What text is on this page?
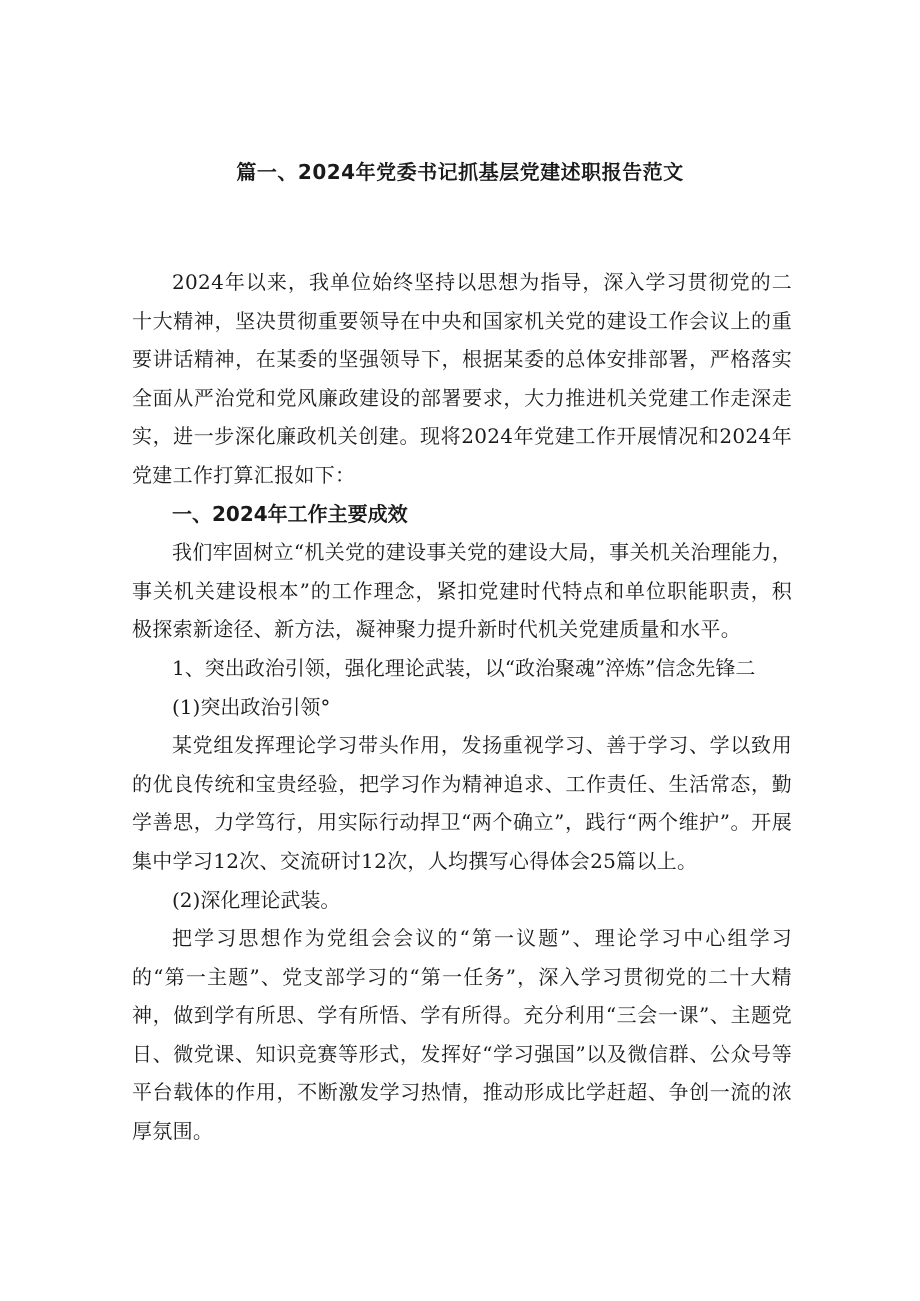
篇一、2024年党委书记抓基层党建述职报告范文

2024年以来，我单位始终坚持以思想为指导，深入学习贯彻党的二十大精神，坚决贯彻重要领导在中央和国家机关党的建设工作会议上的重要讲话精神，在某委的坚强领导下，根据某委的总体安排部署，严格落实全面从严治党和党风廉政建设的部署要求，大力推进机关党建工作走深走实，进一步深化廉政机关创建。现将2024年党建工作开展情况和2024年党建工作打算汇报如下：

一、2024年工作主要成效

我们牢固树立“机关党的建设事关党的建设大局，事关机关治理能力，事关机关建设根本”的工作理念，紧扣党建时代特点和单位职能职责，积极探索新途径、新方法，凝神聚力提升新时代机关党建质量和水平。

1、突出政治引领，强化理论武装，以“政治聚魂”淬炼”信念先锋二

(1)突出政治引领°

某党组发挥理论学习带头作用，发扬重视学习、善于学习、学以致用的优良传统和宝贵经验，把学习作为精神追求、工作责任、生活常态，勤学善思，力学笃行，用实际行动捍卫“两个确立”，践行“两个维护”。开展集中学习12次、交流研讨12次，人均撰写心得体会25篇以上。

(2)深化理论武装。

把学习思想作为党组会会议的“第一议题”、理论学习中心组学习的“第一主题”、党支部学习的“第一任务”，深入学习贯彻党的二十大精神，做到学有所思、学有所悟、学有所得。充分利用“三会一课”、主题党日、微党课、知识竞赛等形式，发挥好“学习强国”以及微信群、公众号等平台载体的作用，不断激发学习热情，推动形成比学赶超、争创一流的浓厚氛围。
